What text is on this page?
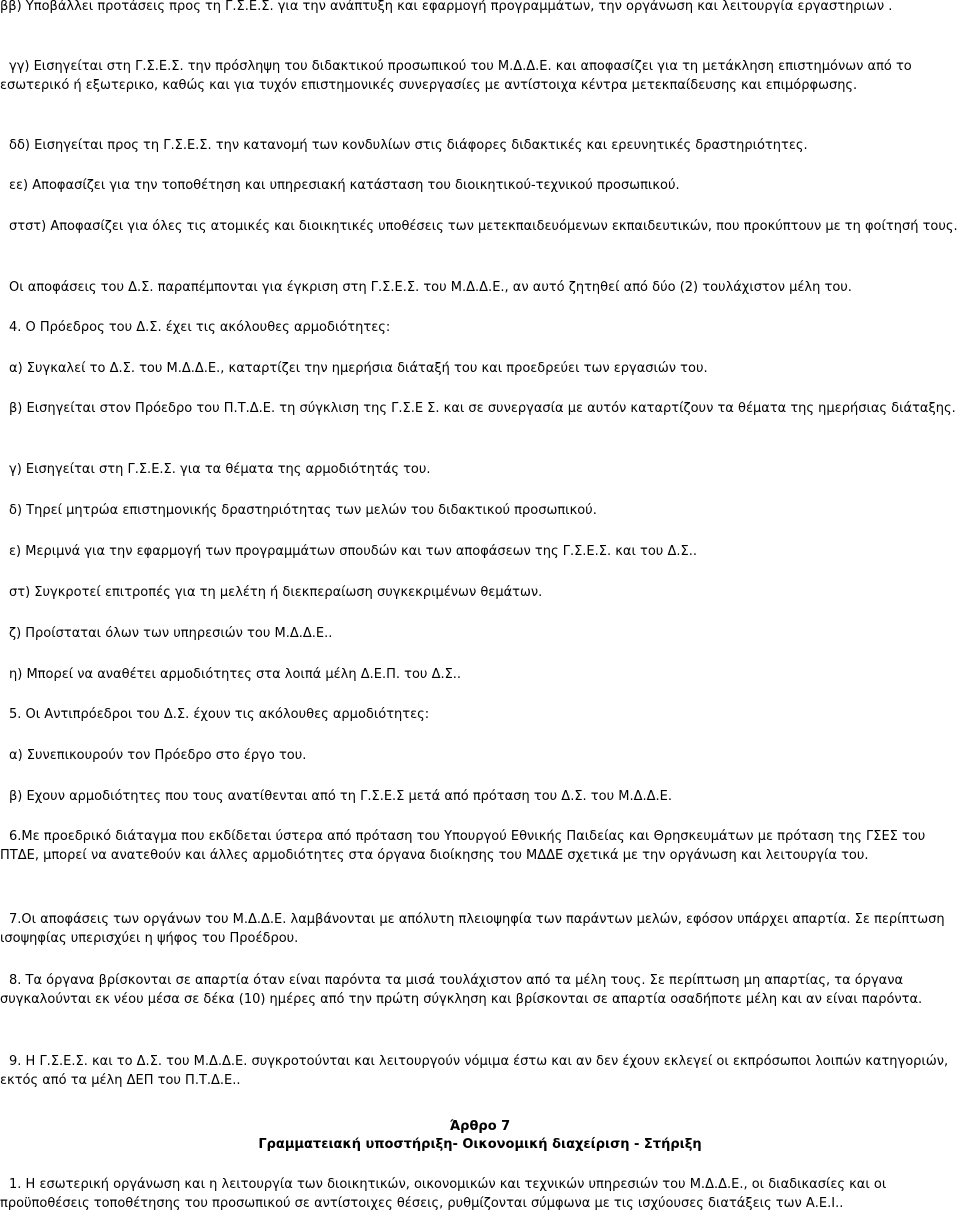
ββ) Υποβάλλει προτάσεις προς τη Γ.Σ.Ε.Σ. για την ανάπτυξη και εφαρμογή προγραμμάτων, την οργάνωση και λειτουργία εργαστηριων .

γγ) Εισηγείται στη Γ.Σ.Ε.Σ. την πρόσληψη του διδακτικού προσωπικού του Μ.Δ.Δ.Ε. και αποφασίζει για τη μετάκληση επιστημόνων από το εσωτερικό ή εξωτερικο, καθώς και για τυχόν επιστημονικές συνεργασίες με αντίστοιχα κέντρα μετεκπαίδευσης και επιμόρφωσης.

δδ) Εισηγείται προς τη Γ.Σ.Ε.Σ. την κατανομή των κονδυλίων στις διάφορες διδακτικές και ερευνητικές δραστηριότητες.

εε) Αποφασίζει για την τοποθέτηση και υπηρεσιακή κατάσταση του διοικητικού-τεχνικού προσωπικού.

στστ) Αποφασίζει για όλες τις ατομικές και διοικητικές υποθέσεις των μετεκπαιδευόμενων εκπαιδευτικών, που προκύπτουν με τη φοίτησή τους.

Οι αποφάσεις του Δ.Σ. παραπέμπονται για έγκριση στη Γ.Σ.Ε.Σ. του Μ.Δ.Δ.Ε., αν αυτό ζητηθεί από δύο (2) τουλάχιστον μέλη του.

4. Ο Πρόεδρος του Δ.Σ. έχει τις ακόλουθες αρμοδιότητες:

α) Συγκαλεί το Δ.Σ. του Μ.Δ.Δ.Ε., καταρτίζει την ημερήσια διάταξή του και προεδρεύει των εργασιών του.

β) Εισηγείται στον Πρόεδρο του Π.Τ.Δ.Ε. τη σύγκλιση της Γ.Σ.Ε Σ. και σε συνεργασία με αυτόν καταρτίζουν τα θέματα της ημερήσιας διάταξης.

γ) Εισηγείται στη Γ.Σ.Ε.Σ. για τα θέματα της αρμοδιότητάς του.

δ) Τηρεί μητρώα επιστημονικής δραστηριότητας των μελών του διδακτικού προσωπικού.

ε) Μεριμνά για την εφαρμογή των προγραμμάτων σπουδών και των αποφάσεων της Γ.Σ.Ε.Σ. και του Δ.Σ..

στ) Συγκροτεί επιτροπές για τη μελέτη ή διεκπεραίωση συγκεκριμένων θεμάτων.

ζ) Προίσταται όλων των υπηρεσιών του Μ.Δ.Δ.Ε..

η) Μπορεί να αναθέτει αρμοδιότητες στα λοιπά μέλη Δ.Ε.Π. του Δ.Σ..

5. Οι Αντιπρόεδροι του Δ.Σ. έχουν τις ακόλουθες αρμοδιότητες:

α) Συνεπικουρούν τον Πρόεδρο στο έργο του.

β) Εχουν αρμοδιότητες που τους ανατίθενται από τη Γ.Σ.Ε.Σ μετά από πρόταση του Δ.Σ. του Μ.Δ.Δ.Ε.

6.Με προεδρικό διάταγμα που εκδίδεται ύστερα από πρόταση του Υπουργού Εθνικής Παιδείας και Θρησκευμάτων με πρόταση της ΓΣΕΣ του ΠΤΔΕ, μπορεί να ανατεθούν και άλλες αρμοδιότητες στα όργανα διοίκησης του ΜΔΔΕ σχετικά με την οργάνωση και λειτουργία του.

7.Οι αποφάσεις των οργάνων του Μ.Δ.Δ.Ε. λαμβάνονται με απόλυτη πλειοψηφία των παράντων μελών, εφόσον υπάρχει απαρτία. Σε περίπτωση ισοψηφίας υπερισχύει η ψήφος του Προέδρου.

8. Τα όργανα βρίσκονται σε απαρτία όταν είναι παρόντα τα μισά τουλάχιστον από τα μέλη τους. Σε περίπτωση μη απαρτίας, τα όργανα συγκαλούνται εκ νέου μέσα σε δέκα (10) ημέρες από την πρώτη σύγκληση και βρίσκονται σε απαρτία οσαδήποτε μέλη και αν είναι παρόντα.

9. Η Γ.Σ.Ε.Σ. και το Δ.Σ. του Μ.Δ.Δ.Ε. συγκροτούνται και λειτουργούν νόμιμα έστω και αν δεν έχουν εκλεγεί οι εκπρόσωποι λοιπών κατηγοριών, εκτός από τα μέλη ΔΕΠ του Π.Τ.Δ.Ε..

Άρθρο 7

Γραμματειακή υποστήριξη- Οικονομική διαχείριση - Στήριξη

1. Η εσωτερική οργάνωση και η λειτουργία των διοικητικών, οικονομικών και τεχνικών υπηρεσιών του Μ.Δ.Δ.Ε., οι διαδικασίες και οι προϋποθέσεις τοποθέτησης του προσωπικού σε αντίστοιχες θέσεις, ρυθμίζονται σύμφωνα με τις ισχύουσες διατάξεις των Α.Ε.Ι..
